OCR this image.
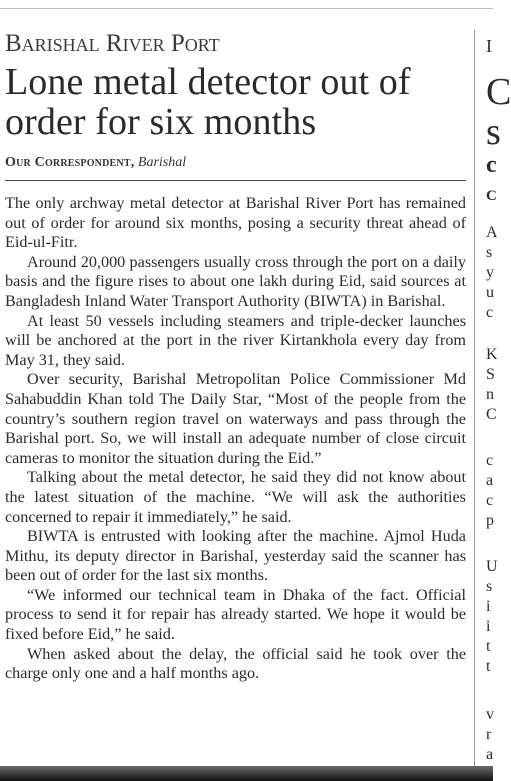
Barishal River Port
Lone metal detector out of order for six months
Our Correspondent, Barishal

The only archway metal detector at Barishal River Port has remained out of order for around six months, posing a security threat ahead of Eid-ul-Fitr.

Around 20,000 passengers usually cross through the port on a daily basis and the figure rises to about one lakh during Eid, said sources at Bangladesh Inland Water Transport Authority (BIWTA) in Barishal.

At least 50 vessels including steamers and triple-decker launches will be anchored at the port in the river Kirtankhola every day from May 31, they said.

Over security, Barishal Metropolitan Police Commissioner Md Sahabuddin Khan told The Daily Star, “Most of the people from the country’s southern region travel on waterways and pass through the Barishal port. So, we will install an adequate number of close circuit cameras to monitor the situation during the Eid.”

Talking about the metal detector, he said they did not know about the latest situation of the machine. “We will ask the authorities concerned to repair it immediately,” he said.

BIWTA is entrusted with looking after the machine. Ajmol Huda Mithu, its deputy director in Barishal, yesterday said the scanner has been out of order for the last six months.

“We informed our technical team in Dhaka of the fact. Official process to send it for repair has already started. We hope it would be fixed before Eid,” he said.

When asked about the delay, the official said he took over the charge only one and a half months ago.

I
C
s
c
C
A
s
y
u
c
K
S
n
C
c
a
c
p
U
s
i
i
t
t
v
r
a
